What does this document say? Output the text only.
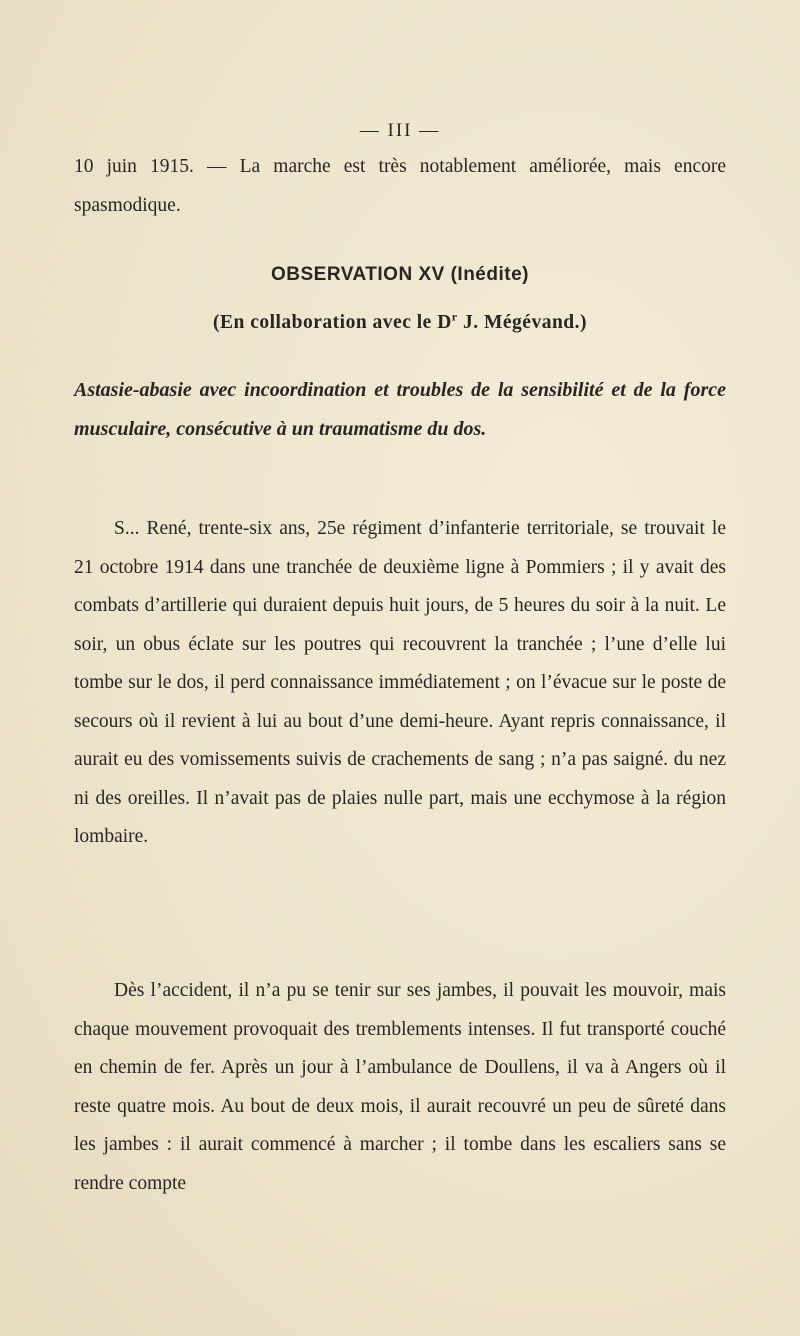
— III —
10 juin 1915. — La marche est très notablement améliorée, mais encore spasmodique.
OBSERVATION XV (Inédite)
(En collaboration avec le $D^r$ J. Mégévand.)
Astasie-abasie avec incoordination et troubles de la sensibilité et de la force musculaire, consécutive à un traumatisme du dos.
S... René, trente-six ans, 25e régiment d’infanterie territoriale, se trouvait le 21 octobre 1914 dans une tranchée de deuxième ligne à Pommiers ; il y avait des combats d’artillerie qui duraient depuis huit jours, de 5 heures du soir à la nuit. Le soir, un obus éclate sur les poutres qui recouvrent la tranchée ; l’une d’elle lui tombe sur le dos, il perd connaissance immédiatement ; on l’évacue sur le poste de secours où il revient à lui au bout d’une demi-heure. Ayant repris connaissance, il aurait eu des vomissements suivis de crachements de sang ; n’a pas saigné. du nez ni des oreilles. Il n’avait pas de plaies nulle part, mais une ecchymose à la région lombaire.
Dès l’accident, il n’a pu se tenir sur ses jambes, il pouvait les mouvoir, mais chaque mouvement provoquait des tremblements intenses. Il fut transporté couché en chemin de fer. Après un jour à l’ambulance de Doullens, il va à Angers où il reste quatre mois. Au bout de deux mois, il aurait recouvré un peu de sûreté dans les jambes : il aurait commencé à marcher ; il tombe dans les escaliers sans se rendre compte
